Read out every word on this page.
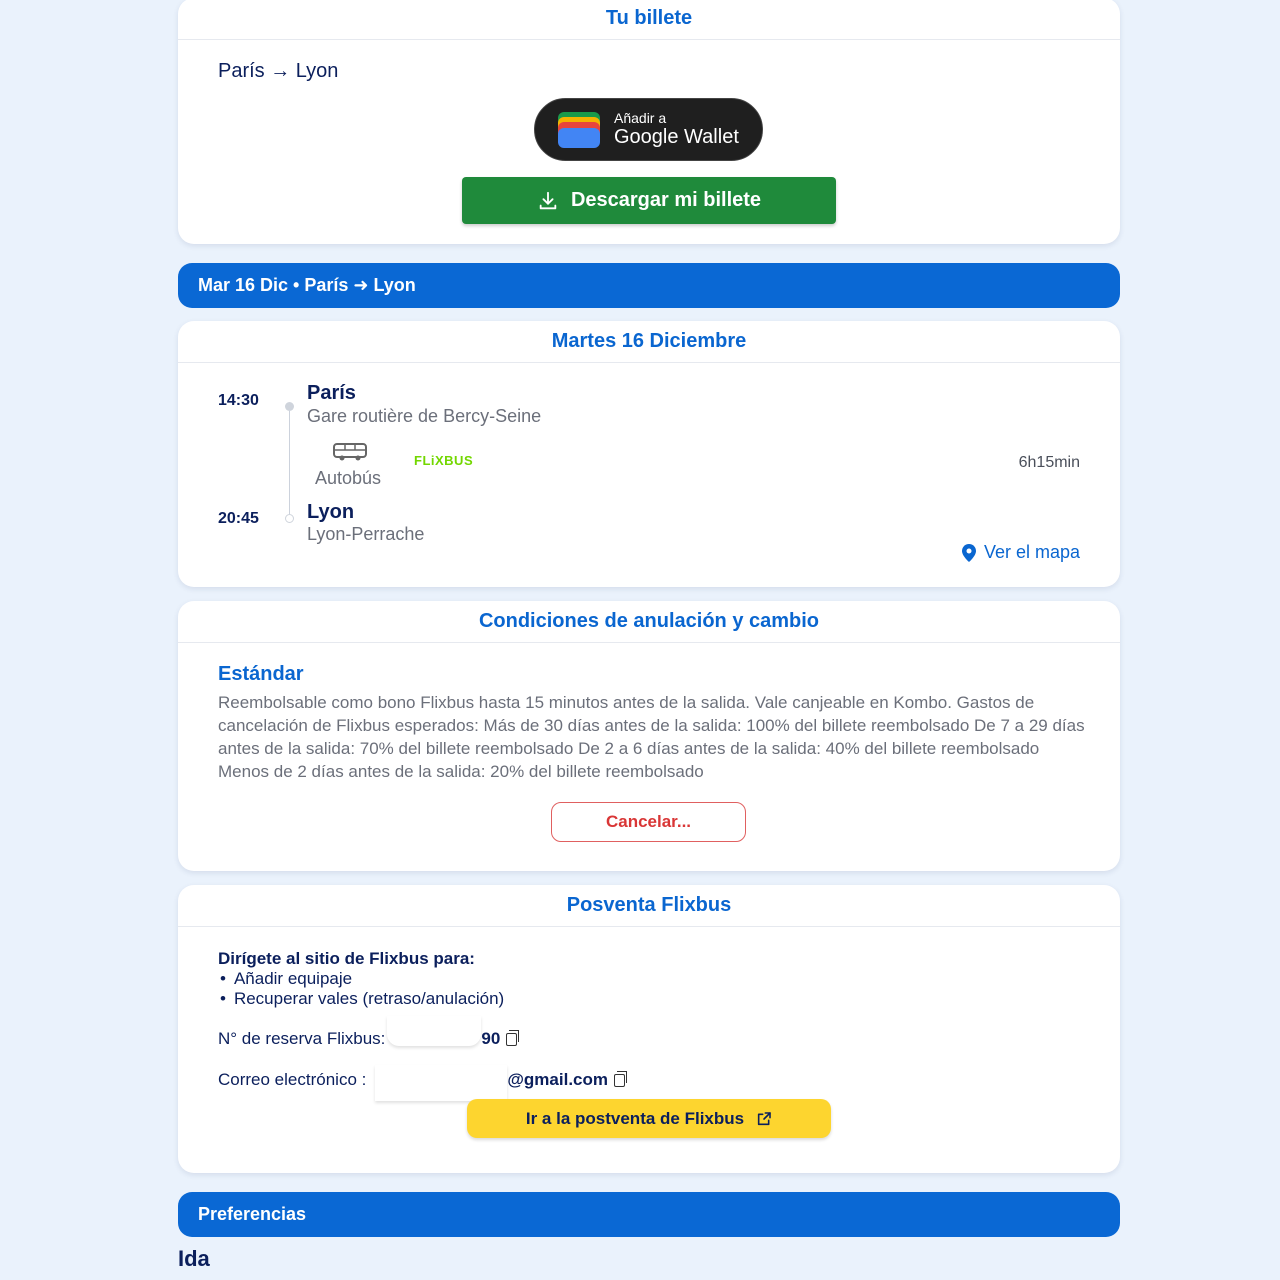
Tu billete
París → Lyon
Añadir a
Google Wallet
Descargar mi billete
Mar 16 Dic • París ➜ Lyon
Martes 16 Diciembre
14:30 París
Gare routière de Bercy-Seine
Autobús
FLiXBUS	6h15min
20:45 Lyon
Lyon-Perrache
Ver el mapa
Condiciones de anulación y cambio
Estándar
Reembolsable como bono Flixbus hasta 15 minutos antes de la salida. Vale canjeable en Kombo. Gastos de cancelación de Flixbus esperados: Más de 30 días antes de la salida: 100% del billete reembolsado De 7 a 29 días antes de la salida: 70% del billete reembolsado De 2 a 6 días antes de la salida: 40% del billete reembolsado Menos de 2 días antes de la salida: 20% del billete reembolsado
Cancelar...
Posventa Flixbus
Dirígete al sitio de Flixbus para:
• Añadir equipaje
• Recuperar vales (retraso/anulación)
N° de reserva Flixbus:	90
Correo electrónico :	@gmail.com
Ir a la postventa de Flixbus
Preferencias
Ida
